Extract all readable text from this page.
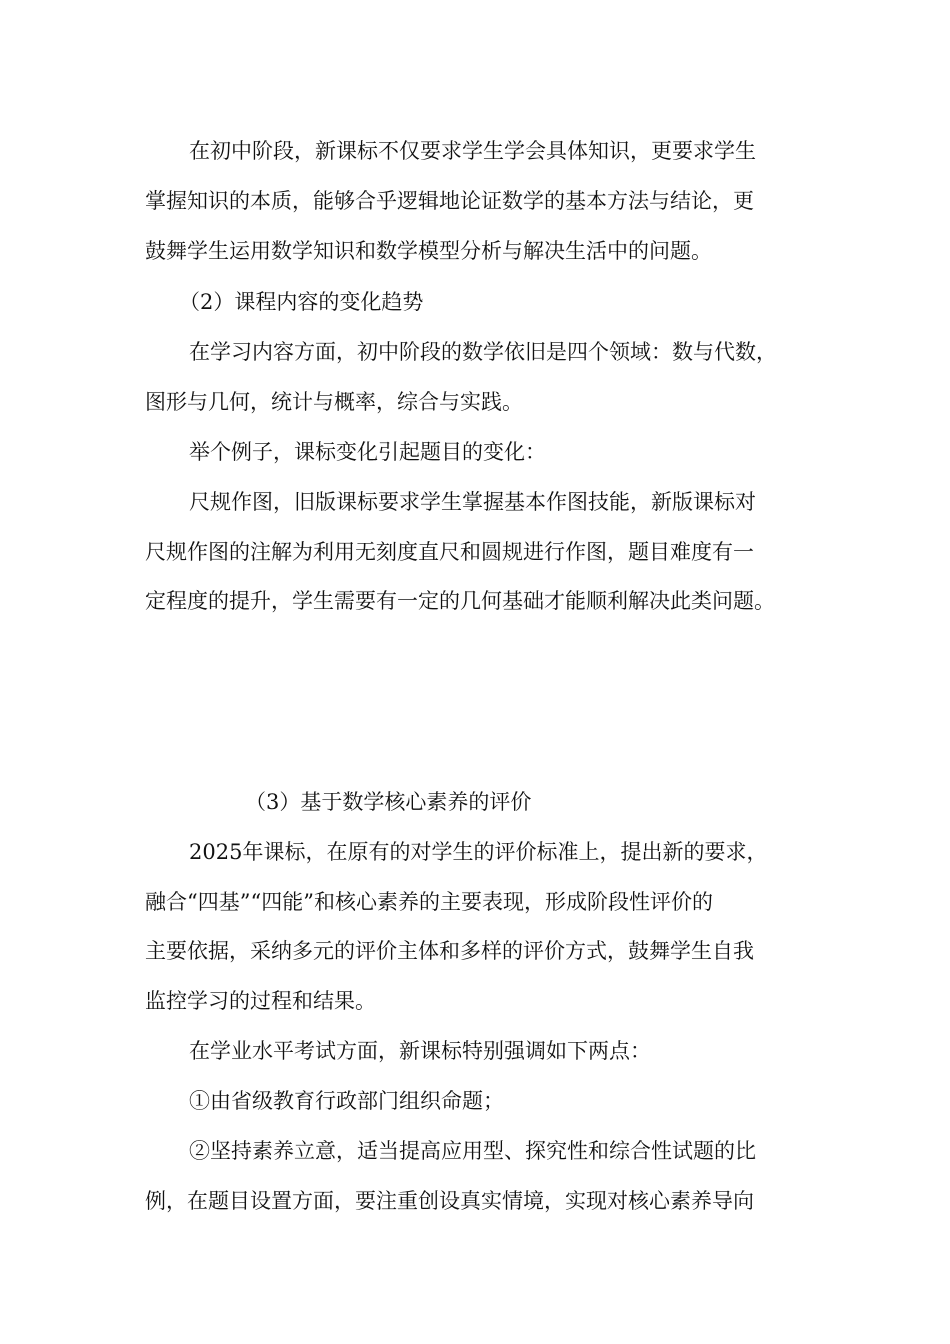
在初中阶段，新课标不仅要求学生学会具体知识，更要求学生

掌握知识的本质，能够合乎逻辑地论证数学的基本方法与结论，更

鼓舞学生运用数学知识和数学模型分析与解决生活中的问题。

（2）课程内容的变化趋势

在学习内容方面，初中阶段的数学依旧是四个领域：数与代数，

图形与几何，统计与概率，综合与实践。

举个例子，课标变化引起题目的变化：

尺规作图，旧版课标要求学生掌握基本作图技能，新版课标对

尺规作图的注解为利用无刻度直尺和圆规进行作图，题目难度有一

定程度的提升，学生需要有一定的几何基础才能顺利解决此类问题。

（3）基于数学核心素养的评价

2025年课标，在原有的对学生的评价标准上，提出新的要求，

融合“四基”“四能”和核心素养的主要表现，形成阶段性评价的

主要依据，采纳多元的评价主体和多样的评价方式，鼓舞学生自我

监控学习的过程和结果。

在学业水平考试方面，新课标特别强调如下两点：

①由省级教育行政部门组织命题；

②坚持素养立意，适当提高应用型、探究性和综合性试题的比

例，在题目设置方面，要注重创设真实情境，实现对核心素养导向
